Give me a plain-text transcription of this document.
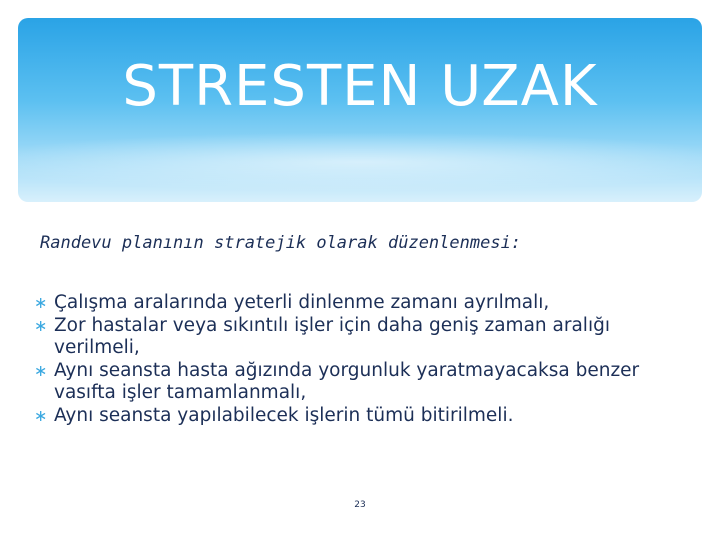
STRESTEN UZAK
Randevu planının stratejik olarak düzenlenmesi:
∗ Çalışma aralarında yeterli dinlenme zamanı ayrılmalı,
∗ Zor hastalar veya sıkıntılı işler için daha geniş zaman aralığı verilmeli,
∗ Aynı seansta hasta ağızında yorgunluk yaratmayacaksa benzer vasıfta işler tamamlanmalı,
∗ Aynı seansta yapılabilecek işlerin tümü bitirilmeli.
23
